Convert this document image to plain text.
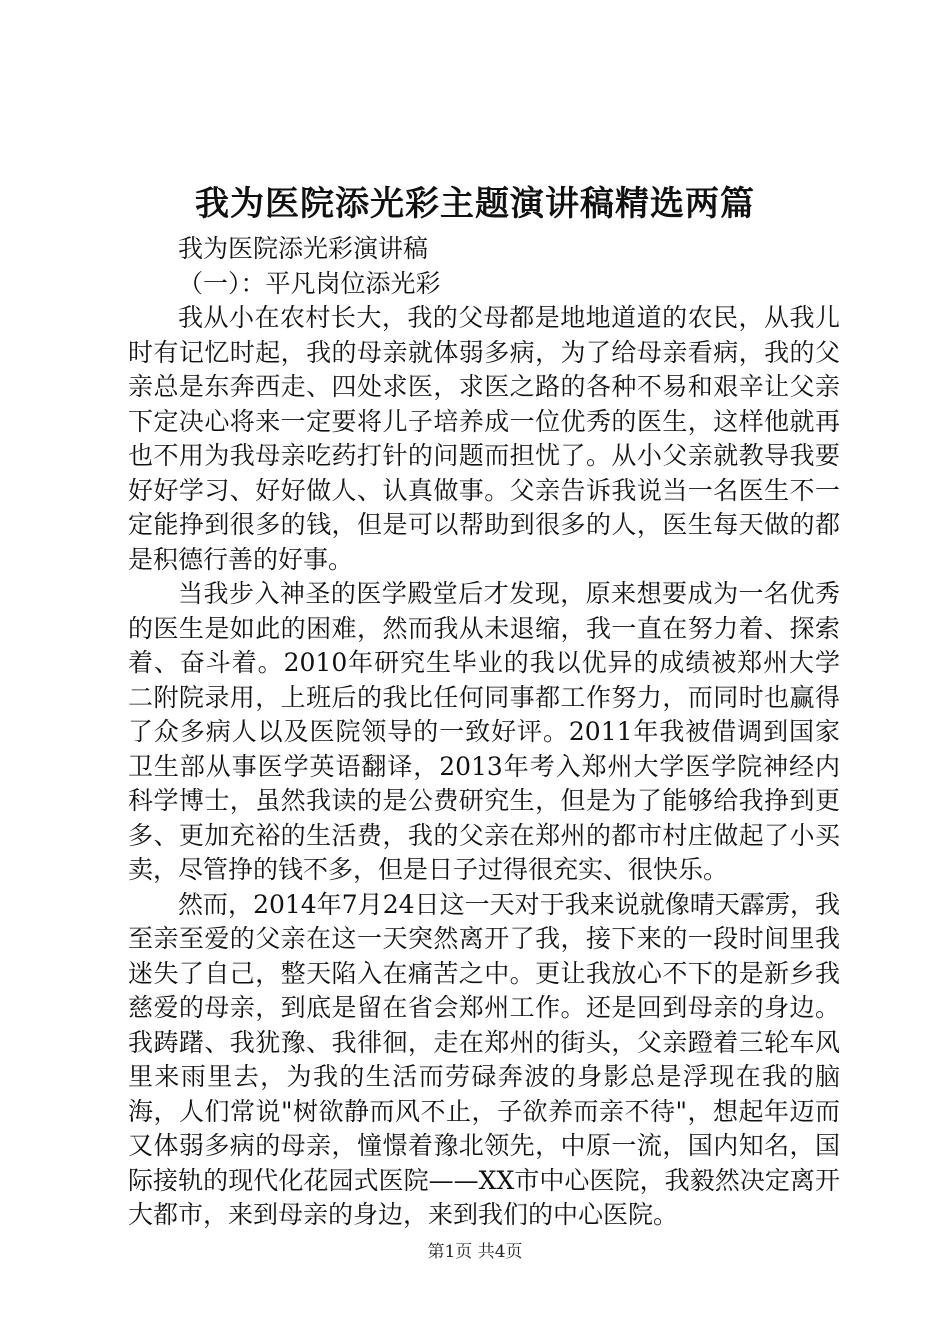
我为医院添光彩主题演讲稿精选两篇

我为医院添光彩演讲稿

（一）：平凡岗位添光彩

我从小在农村长大，我的父母都是地地道道的农民，从我儿时有记忆时起，我的母亲就体弱多病，为了给母亲看病，我的父亲总是东奔西走、四处求医，求医之路的各种不易和艰辛让父亲下定决心将来一定要将儿子培养成一位优秀的医生，这样他就再也不用为我母亲吃药打针的问题而担忧了。从小父亲就教导我要好好学习、好好做人、认真做事。父亲告诉我说当一名医生不一定能挣到很多的钱，但是可以帮助到很多的人，医生每天做的都是积德行善的好事。

当我步入神圣的医学殿堂后才发现，原来想要成为一名优秀的医生是如此的困难，然而我从未退缩，我一直在努力着、探索着、奋斗着。2010年研究生毕业的我以优异的成绩被郑州大学二附院录用，上班后的我比任何同事都工作努力，而同时也赢得了众多病人以及医院领导的一致好评。2011年我被借调到国家卫生部从事医学英语翻译，2013年考入郑州大学医学院神经内科学博士，虽然我读的是公费研究生，但是为了能够给我挣到更多、更加充裕的生活费，我的父亲在郑州的都市村庄做起了小买卖，尽管挣的钱不多，但是日子过得很充实、很快乐。

然而，2014年7月24日这一天对于我来说就像晴天霹雳，我至亲至爱的父亲在这一天突然离开了我，接下来的一段时间里我迷失了自己，整天陷入在痛苦之中。更让我放心不下的是新乡我慈爱的母亲，到底是留在省会郑州工作。还是回到母亲的身边。我踌躇、我犹豫、我徘徊，走在郑州的街头，父亲蹬着三轮车风里来雨里去，为我的生活而劳碌奔波的身影总是浮现在我的脑海，人们常说"树欲静而风不止，子欲养而亲不待"，想起年迈而又体弱多病的母亲，憧憬着豫北领先，中原一流，国内知名，国际接轨的现代化花园式医院——XX市中心医院，我毅然决定离开大都市，来到母亲的身边，来到我们的中心医院。

第1页 共4页
